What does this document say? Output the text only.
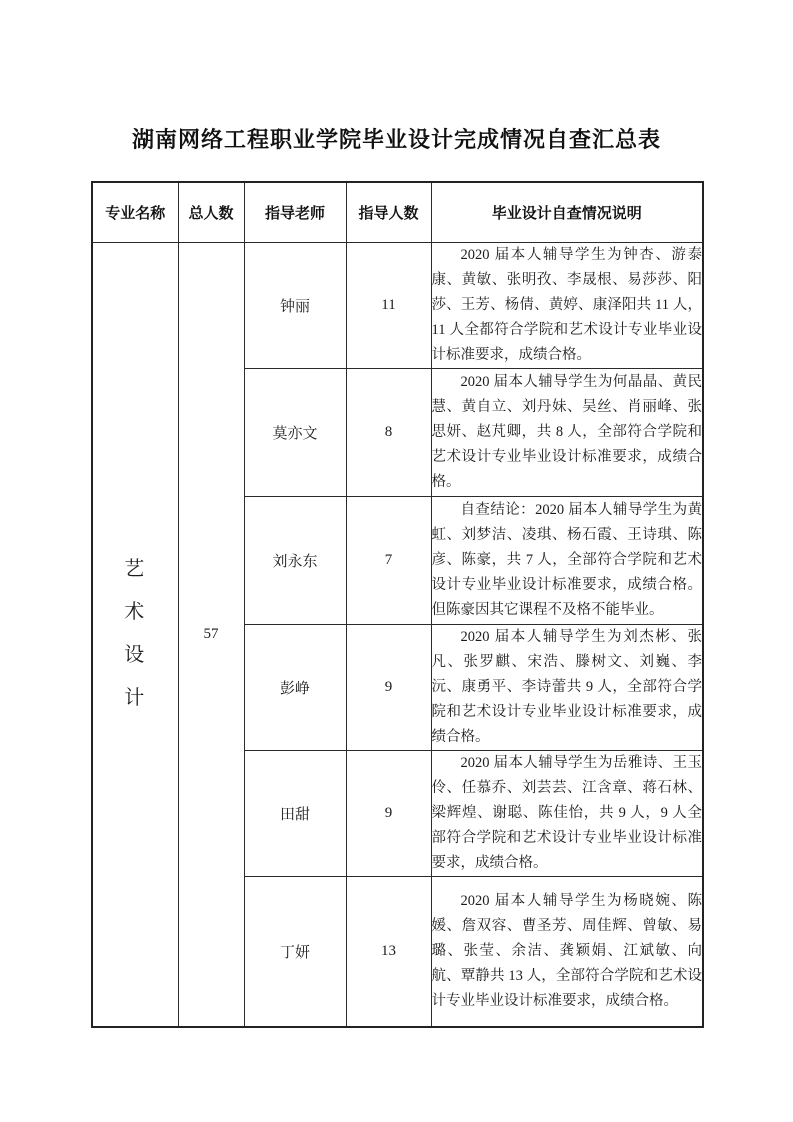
湖南网络工程职业学院毕业设计完成情况自查汇总表
专业名称	总人数	指导老师	指导人数	毕业设计自查情况说明

艺
术
设
计	57	钟丽	11	2020 届本人辅导学生为钟杏、游泰康、黄敏、张明孜、李晟根、易莎莎、阳莎、王芳、杨倩、黄婷、康泽阳共 11 人，11 人全都符合学院和艺术设计专业毕业设计标准要求，成绩合格。

		莫亦文	8	2020 届本人辅导学生为何晶晶、黄民慧、黄自立、刘丹妹、吴丝、肖丽峰、张思妍、赵芃卿，共 8 人，全部符合学院和艺术设计专业毕业设计标准要求，成绩合格。

		刘永东	7	自查结论：2020 届本人辅导学生为黄虹、刘梦洁、凌琪、杨石霞、王诗琪、陈彦、陈豪，共 7 人，全部符合学院和艺术设计专业毕业设计标准要求，成绩合格。但陈豪因其它课程不及格不能毕业。

		彭峥	9	2020 届本人辅导学生为刘杰彬、张凡、张罗麒、宋浩、滕树文、刘巍、李沅、康勇平、李诗蕾共 9 人，全部符合学院和艺术设计专业毕业设计标准要求，成绩合格。

		田甜	9	2020 届本人辅导学生为岳雅诗、王玉伶、任慕乔、刘芸芸、江含章、蒋石林、梁辉煌、谢聪、陈佳怡，共 9 人，9 人全部符合学院和艺术设计专业毕业设计标准要求，成绩合格。

		丁妍	13	2020 届本人辅导学生为杨晓婉、陈媛、詹双容、曹圣芳、周佳辉、曾敏、易璐、张莹、余洁、龚颖娟、江斌敏、向航、覃静共 13 人，全部符合学院和艺术设计专业毕业设计标准要求，成绩合格。
